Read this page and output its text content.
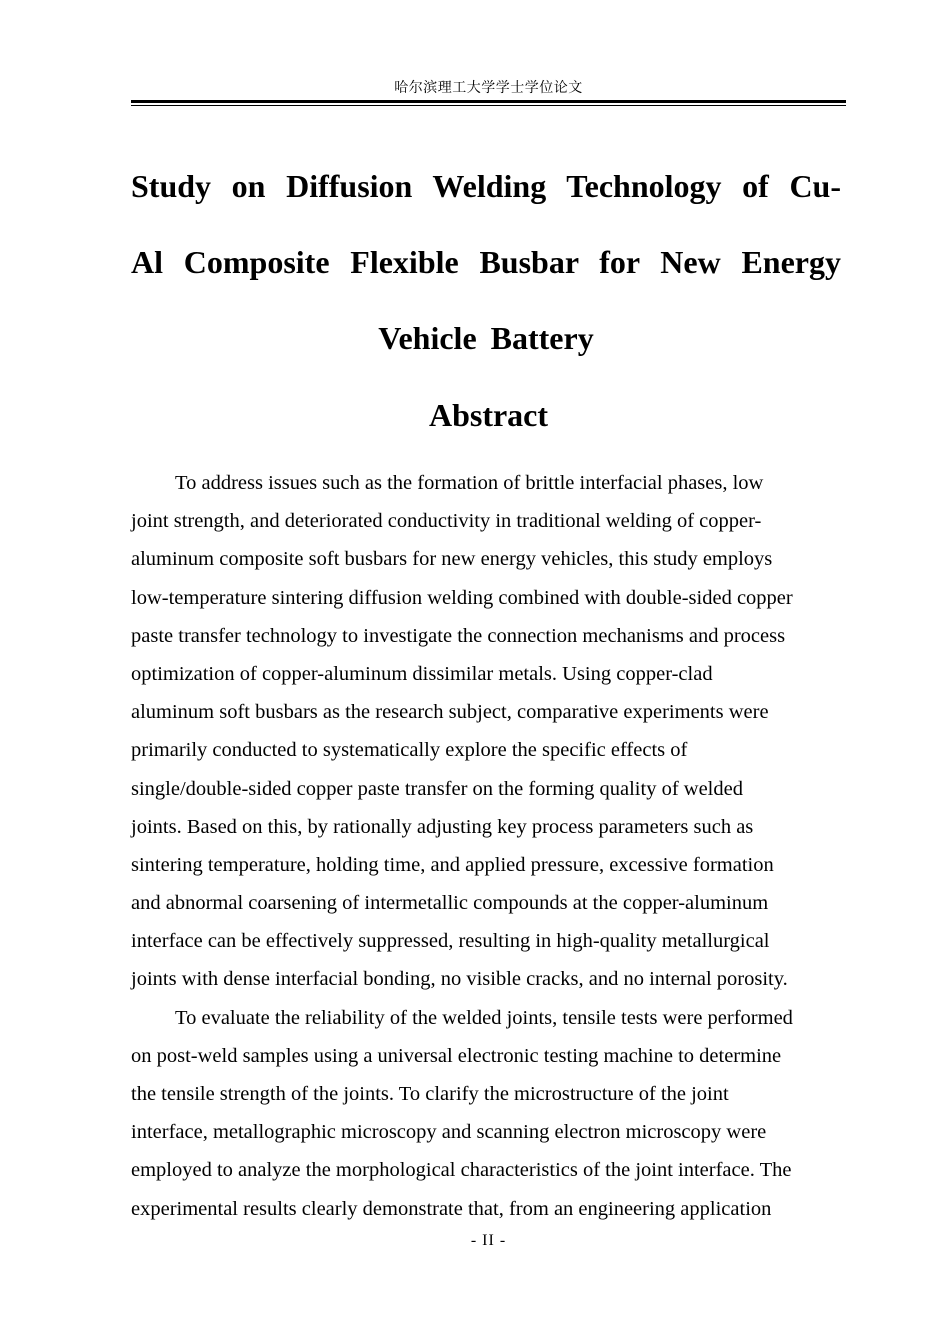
哈尔滨理工大学学士学位论文
Study on Diffusion Welding Technology of Cu-
Al Composite Flexible Busbar for New Energy
Vehicle Battery
Abstract
To address issues such as the formation of brittle interfacial phases, low
joint strength, and deteriorated conductivity in traditional welding of copper-
aluminum composite soft busbars for new energy vehicles, this study employs
low-temperature sintering diffusion welding combined with double-sided copper
paste transfer technology to investigate the connection mechanisms and process
optimization of copper-aluminum dissimilar metals. Using copper-clad
aluminum soft busbars as the research subject, comparative experiments were
primarily conducted to systematically explore the specific effects of
single/double-sided copper paste transfer on the forming quality of welded
joints. Based on this, by rationally adjusting key process parameters such as
sintering temperature, holding time, and applied pressure, excessive formation
and abnormal coarsening of intermetallic compounds at the copper-aluminum
interface can be effectively suppressed, resulting in high-quality metallurgical
joints with dense interfacial bonding, no visible cracks, and no internal porosity.
To evaluate the reliability of the welded joints, tensile tests were performed
on post-weld samples using a universal electronic testing machine to determine
the tensile strength of the joints. To clarify the microstructure of the joint
interface, metallographic microscopy and scanning electron microscopy were
employed to analyze the morphological characteristics of the joint interface. The
experimental results clearly demonstrate that, from an engineering application
- II -
